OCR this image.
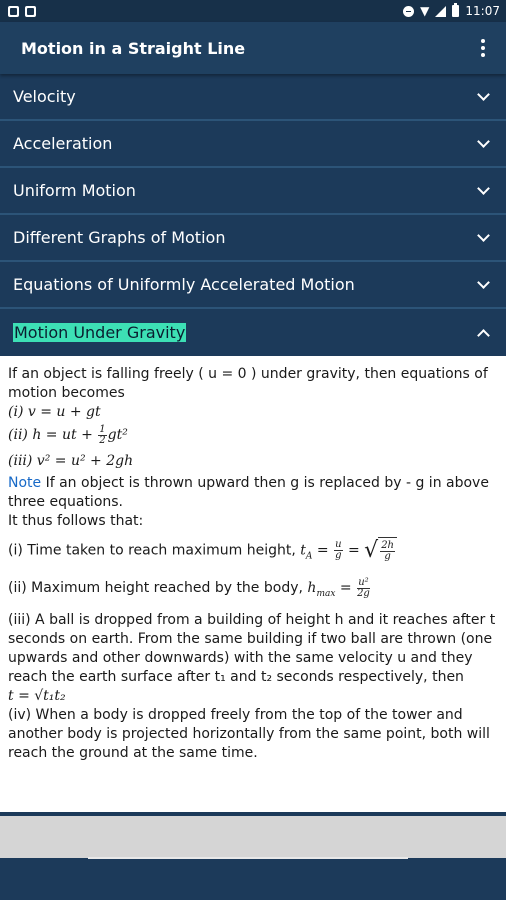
▼	11:07
Motion in a Straight Line
Velocity
Acceleration
Uniform Motion
Different Graphs of Motion
Equations of Uniformly Accelerated Motion
Motion Under Gravity

If an object is falling freely ( u = 0 ) under gravity, then equations of motion becomes

(i) v = u + gt

(ii) h = ut + $\frac{1}{2} gt^2$

(iii) v² = u² + 2gh

Note If an object is thrown upward then g is replaced by - g in above three equations.

It thus follows that:

(i) Time taken to reach maximum height, $t_A = \frac{u}{g}$ = √ $\frac{2h}{g}$

(ii) Maximum height reached by the body, $h_{max} = \frac{\text{u²}}{2g}$

(iii) A ball is dropped from a building of height h and it reaches after t seconds on earth. From the same building if two ball are thrown (one upwards and other downwards) with the same velocity u and they reach the earth surface after t₁ and t₂ seconds respectively, then

t = √t₁t₂

(iv) When a body is dropped freely from the top of the tower and another body is projected horizontally from the same point, both will reach the ground at the same time.
